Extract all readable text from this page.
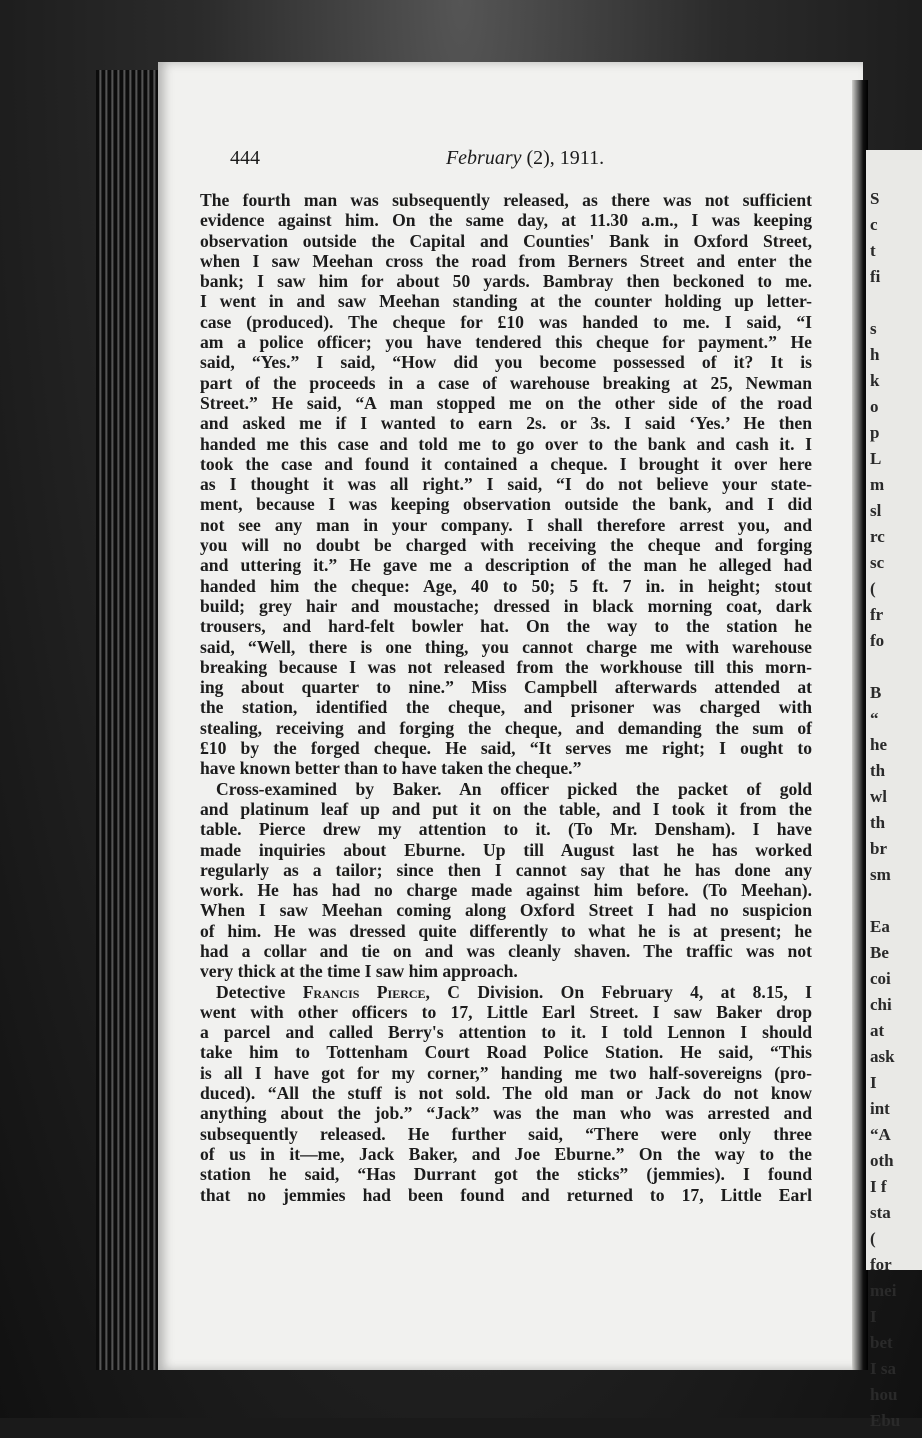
S
c
t
fi
s
h
k
o
p
L
m
sl
rc
sc
(
fr
fo
B
“
he
th
wl
th
br
sm
Ea
Be
coi
chi
at
ask
I
int
“A
oth
I f
sta
(
for
mei
I
bet
I sa
hou
Ebu
444	February (2), 1911.
The fourth man was subsequently released, as there was not sufficient
evidence against him. On the same day, at 11.30 a.m., I was keeping
observation outside the Capital and Counties' Bank in Oxford Street,
when I saw Meehan cross the road from Berners Street and enter the
bank; I saw him for about 50 yards. Bambray then beckoned to me.
I went in and saw Meehan standing at the counter holding up letter-
case (produced). The cheque for £10 was handed to me. I said, “I
am a police officer; you have tendered this cheque for payment.” He
said, “Yes.” I said, “How did you become possessed of it? It is
part of the proceeds in a case of warehouse breaking at 25, Newman
Street.” He said, “A man stopped me on the other side of the road
and asked me if I wanted to earn 2s. or 3s. I said ‘Yes.’ He then
handed me this case and told me to go over to the bank and cash it. I
took the case and found it contained a cheque. I brought it over here
as I thought it was all right.” I said, “I do not believe your state-
ment, because I was keeping observation outside the bank, and I did
not see any man in your company. I shall therefore arrest you, and
you will no doubt be charged with receiving the cheque and forging
and uttering it.” He gave me a description of the man he alleged had
handed him the cheque: Age, 40 to 50; 5 ft. 7 in. in height; stout
build; grey hair and moustache; dressed in black morning coat, dark
trousers, and hard-felt bowler hat. On the way to the station he
said, “Well, there is one thing, you cannot charge me with warehouse
breaking because I was not released from the workhouse till this morn-
ing about quarter to nine.” Miss Campbell afterwards attended at
the station, identified the cheque, and prisoner was charged with
stealing, receiving and forging the cheque, and demanding the sum of
£10 by the forged cheque. He said, “It serves me right; I ought to
have known better than to have taken the cheque.”
Cross-examined by Baker. An officer picked the packet of gold
and platinum leaf up and put it on the table, and I took it from the
table. Pierce drew my attention to it. (To Mr. Densham). I have
made inquiries about Eburne. Up till August last he has worked
regularly as a tailor; since then I cannot say that he has done any
work. He has had no charge made against him before. (To Meehan).
When I saw Meehan coming along Oxford Street I had no suspicion
of him. He was dressed quite differently to what he is at present; he
had a collar and tie on and was cleanly shaven. The traffic was not
very thick at the time I saw him approach.
Detective Francis Pierce, C Division. On February 4, at 8.15, I
went with other officers to 17, Little Earl Street. I saw Baker drop
a parcel and called Berry's attention to it. I told Lennon I should
take him to Tottenham Court Road Police Station. He said, “This
is all I have got for my corner,” handing me two half-sovereigns (pro-
duced). “All the stuff is not sold. The old man or Jack do not know
anything about the job.” “Jack” was the man who was arrested and
subsequently released. He further said, “There were only three
of us in it—me, Jack Baker, and Joe Eburne.” On the way to the
station he said, “Has Durrant got the sticks” (jemmies). I found
that no jemmies had been found and returned to 17, Little Earl
